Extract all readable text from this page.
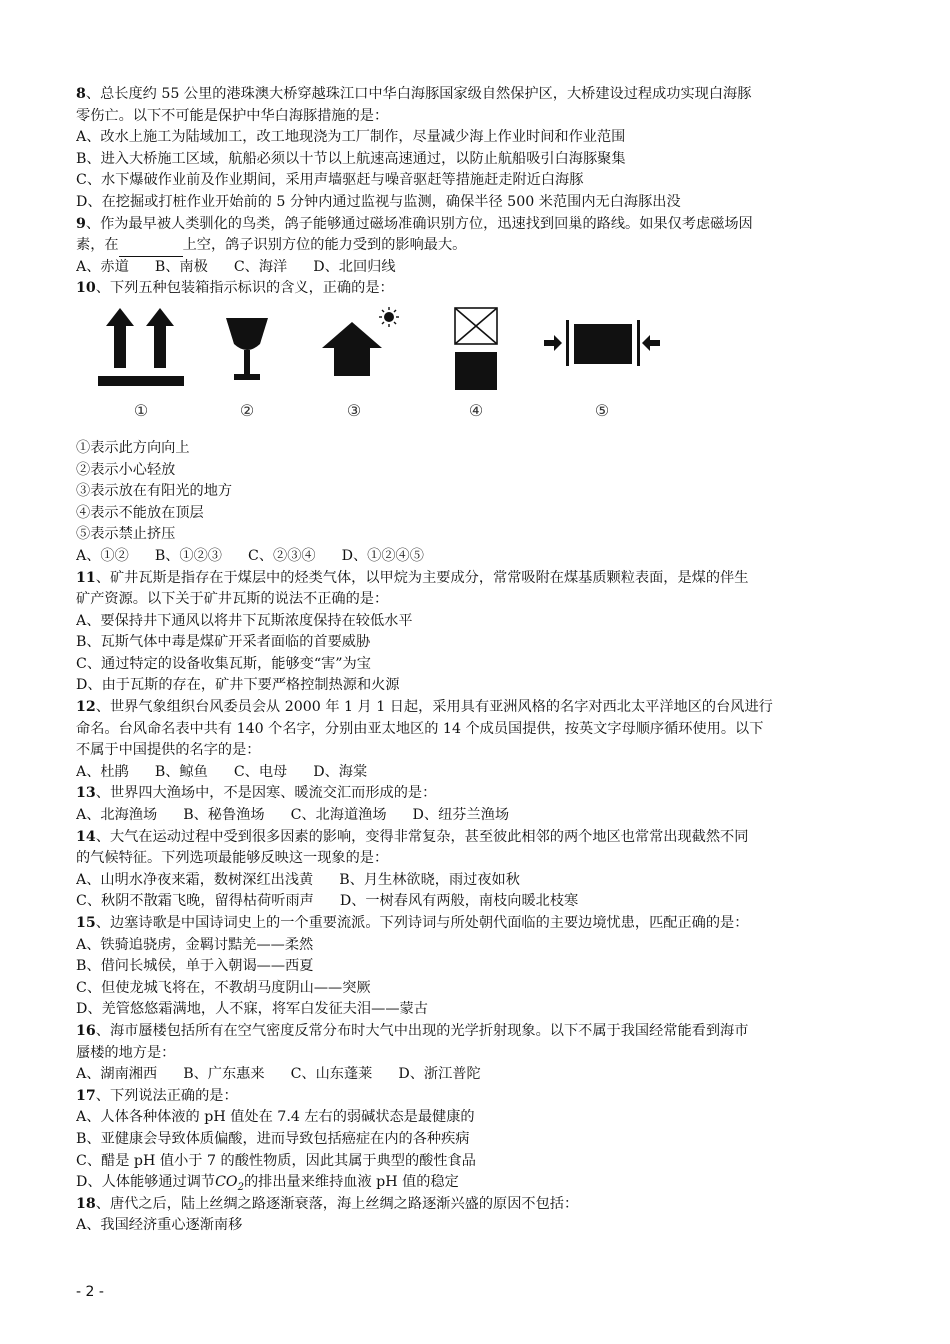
8、总长度约 55 公里的港珠澳大桥穿越珠江口中华白海豚国家级自然保护区，大桥建设过程成功实现白海豚
零伤亡。以下不可能是保护中华白海豚措施的是：
A、改水上施工为陆域加工，改工地现浇为工厂制作，尽量减少海上作业时间和作业范围
B、进入大桥施工区域，航船必须以十节以上航速高速通过，以防止航船吸引白海豚聚集
C、水下爆破作业前及作业期间，采用声墙驱赶与噪音驱赶等措施赶走附近白海豚
D、在挖掘或打桩作业开始前的 5 分钟内通过监视与监测，确保半径 500 米范围内无白海豚出没
9、作为最早被人类驯化的鸟类，鸽子能够通过磁场准确识别方位，迅速找到回巢的路线。如果仅考虑磁场因
素，在	上空，鸽子识别方位的能力受到的影响最大。
A、赤道 B、南极 C、海洋 D、北回归线
10、下列五种包装箱指示标识的含义，正确的是：
①	②	③	④	⑤
①表示此方向向上
②表示小心轻放
③表示放在有阳光的地方
④表示不能放在顶层
⑤表示禁止挤压
A、①② B、①②③ C、②③④ D、①②④⑤
11、矿井瓦斯是指存在于煤层中的烃类气体，以甲烷为主要成分，常常吸附在煤基质颗粒表面，是煤的伴生
矿产资源。以下关于矿井瓦斯的说法不正确的是：
A、要保持井下通风以将井下瓦斯浓度保持在较低水平
B、瓦斯气体中毒是煤矿开采者面临的首要威胁
C、通过特定的设备收集瓦斯，能够变“害”为宝
D、由于瓦斯的存在，矿井下要严格控制热源和火源
12、世界气象组织台风委员会从 2000 年 1 月 1 日起，采用具有亚洲风格的名字对西北太平洋地区的台风进行
命名。台风命名表中共有 140 个名字，分别由亚太地区的 14 个成员国提供，按英文字母顺序循环使用。以下
不属于中国提供的名字的是：
A、杜鹃 B、鲸鱼 C、电母 D、海棠
13、世界四大渔场中，不是因寒、暖流交汇而形成的是：
A、北海渔场 B、秘鲁渔场 C、北海道渔场 D、纽芬兰渔场
14、大气在运动过程中受到很多因素的影响，变得非常复杂，甚至彼此相邻的两个地区也常常出现截然不同
的气候特征。下列选项最能够反映这一现象的是：
A、山明水净夜来霜，数树深红出浅黄 B、月生林欲晓，雨过夜如秋
C、秋阴不散霜飞晚，留得枯荷听雨声 D、一树春风有两般，南枝向暖北枝寒
15、边塞诗歌是中国诗词史上的一个重要流派。下列诗词与所处朝代面临的主要边境忧患，匹配正确的是：
A、铁骑追骁虏，金羁讨黠羌——柔然
B、借问长城侯，单于入朝谒——西夏
C、但使龙城飞将在，不教胡马度阴山——突厥
D、羌管悠悠霜满地，人不寐，将军白发征夫泪——蒙古
16、海市蜃楼包括所有在空气密度反常分布时大气中出现的光学折射现象。以下不属于我国经常能看到海市
蜃楼的地方是：
A、湖南湘西 B、广东惠来 C、山东蓬莱 D、浙江普陀
17、下列说法正确的是：
A、人体各种体液的 pH 值处在 7.4 左右的弱碱状态是最健康的
B、亚健康会导致体质偏酸，进而导致包括癌症在内的各种疾病
C、醋是 pH 值小于 7 的酸性物质，因此其属于典型的酸性食品
D、人体能够通过调节$CO_2$的排出量来维持血液 pH 值的稳定
18、唐代之后，陆上丝绸之路逐渐衰落，海上丝绸之路逐渐兴盛的原因不包括：
A、我国经济重心逐渐南移
- 2 -
